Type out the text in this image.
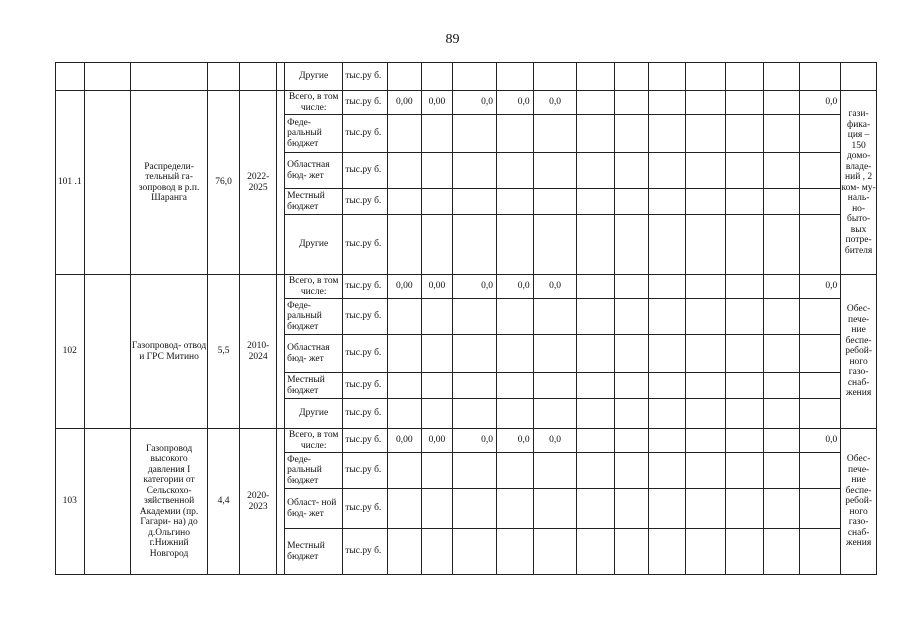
89
						Другие	тыс.ру б.													
101 .1		Распредели- тельный га- зопровод в р.п. Шаранга	76,0	2022- 2025		Всего, в том числе:	тыс.ру б.	0,00	0,00	0,0	0,0	0,0							0,0	гази- фика- ция – 150 домо- владе- ний , 2 ком- му- наль- но- быто- вых потре- бителя
						Феде- ральный бюджет	тыс.ру б.													
						Областная бюд- жет	тыс.ру б.													
						Местный бюджет	тыс.ру б.													
						Другие	тыс.ру б.													
102		Газопровод- отвод и ГРС Митино	5,5	2010- 2024		Всего, в том числе:	тыс.ру б.	0,00	0,00	0,0	0,0	0,0							0,0	Обес- пече- ние беспе- ребой- ного газо- снаб- жения
						Феде- ральный бюджет	тыс.ру б.													
						Областная бюд- жет	тыс.ру б.													
						Местный бюджет	тыс.ру б.													
						Другие	тыс.ру б.													
103		Газопровод высокого давления I категории от Сельскохо- зяйственной Академии (пр. Гагари- на) до д.Ольгино г.Нижний Новгород	4,4	2020- 2023		Всего, в том числе:	тыс.ру б.	0,00	0,00	0,0	0,0	0,0							0,0	Обес- пече- ние беспе- ребой- ного газо- снаб- жения
						Феде- ральный бюджет	тыс.ру б.													
						Област- ной бюд- жет	тыс.ру б.													
						Местный бюджет	тыс.ру б.													
